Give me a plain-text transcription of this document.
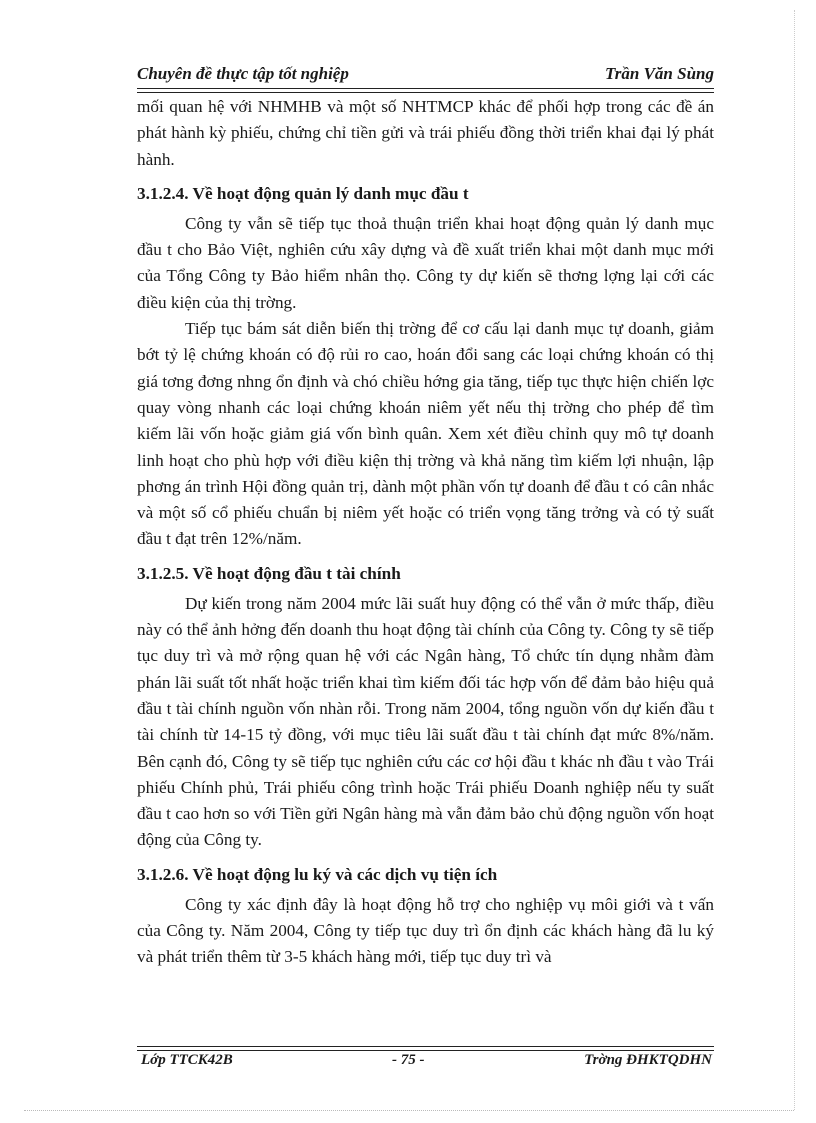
Chuyên đề thực tập tốt nghiệp	Trần Văn Sùng

mối quan hệ với NHMHB và một số NHTMCP khác để phối hợp trong các đề án phát hành kỳ phiếu, chứng chỉ tiền gửi và trái phiếu đồng thời triển khai đại lý phát hành.

3.1.2.4. Về hoạt động quản lý danh mục đầu t

Công ty vẫn sẽ tiếp tục thoả thuận triển khai hoạt động quản lý danh mục đầu t cho Bảo Việt, nghiên cứu xây dựng và đề xuất triển khai một danh mục mới của Tổng Công ty Bảo hiểm nhân thọ. Công ty dự kiến sẽ thơng lợng lại cới các điều kiện của thị trờng.

Tiếp tục bám sát diễn biến thị trờng để cơ cấu lại danh mục tự doanh, giảm bớt tỷ lệ chứng khoán có độ rủi ro cao, hoán đổi sang các loại chứng khoán có thị giá tơng đơng nhng ổn định và chó chiều hớng gia tăng, tiếp tục thực hiện chiến lợc quay vòng nhanh các loại chứng khoán niêm yết nếu thị trờng cho phép để tìm kiếm lãi vốn hoặc giảm giá vốn bình quân. Xem xét điều chỉnh quy mô tự doanh linh hoạt cho phù hợp với điều kiện thị trờng và khả năng tìm kiếm lợi nhuận, lập phơng án trình Hội đồng quản trị, dành một phần vốn tự doanh để đầu t có cân nhắc và một số cổ phiếu chuẩn bị niêm yết hoặc có triển vọng tăng trởng và có tỷ suất đầu t đạt trên 12%/năm.

3.1.2.5. Về hoạt động đầu t tài chính

Dự kiến trong năm 2004 mức lãi suất huy động có thể vẫn ở mức thấp, điều này có thể ảnh hởng đến doanh thu hoạt động tài chính của Công ty. Công ty sẽ tiếp tục duy trì và mở rộng quan hệ với các Ngân hàng, Tổ chức tín dụng nhằm đàm phán lãi suất tốt nhất hoặc triển khai tìm kiếm đối tác hợp vốn để đảm bảo hiệu quả đầu t tài chính nguồn vốn nhàn rỗi. Trong năm 2004, tổng nguồn vốn dự kiến đầu t tài chính từ 14-15 tỷ đồng, với mục tiêu lãi suất đầu t tài chính đạt mức 8%/năm. Bên cạnh đó, Công ty sẽ tiếp tục nghiên cứu các cơ hội đầu t khác nh đầu t vào Trái phiếu Chính phủ, Trái phiếu công trình hoặc Trái phiếu Doanh nghiệp nếu ty suất đầu t cao hơn so với Tiền gửi Ngân hàng mà vẫn đảm bảo chủ động nguồn vốn hoạt động của Công ty.

3.1.2.6. Về hoạt động lu ký và các dịch vụ tiện ích

Công ty xác định đây là hoạt động hỗ trợ cho nghiệp vụ môi giới và t vấn của Công ty. Năm 2004, Công ty tiếp tục duy trì ổn định các khách hàng đã lu ký và phát triển thêm từ 3-5 khách hàng mới, tiếp tục duy trì và

Lớp TTCK42B	- 75 -	Trờng ĐHKTQDHN
